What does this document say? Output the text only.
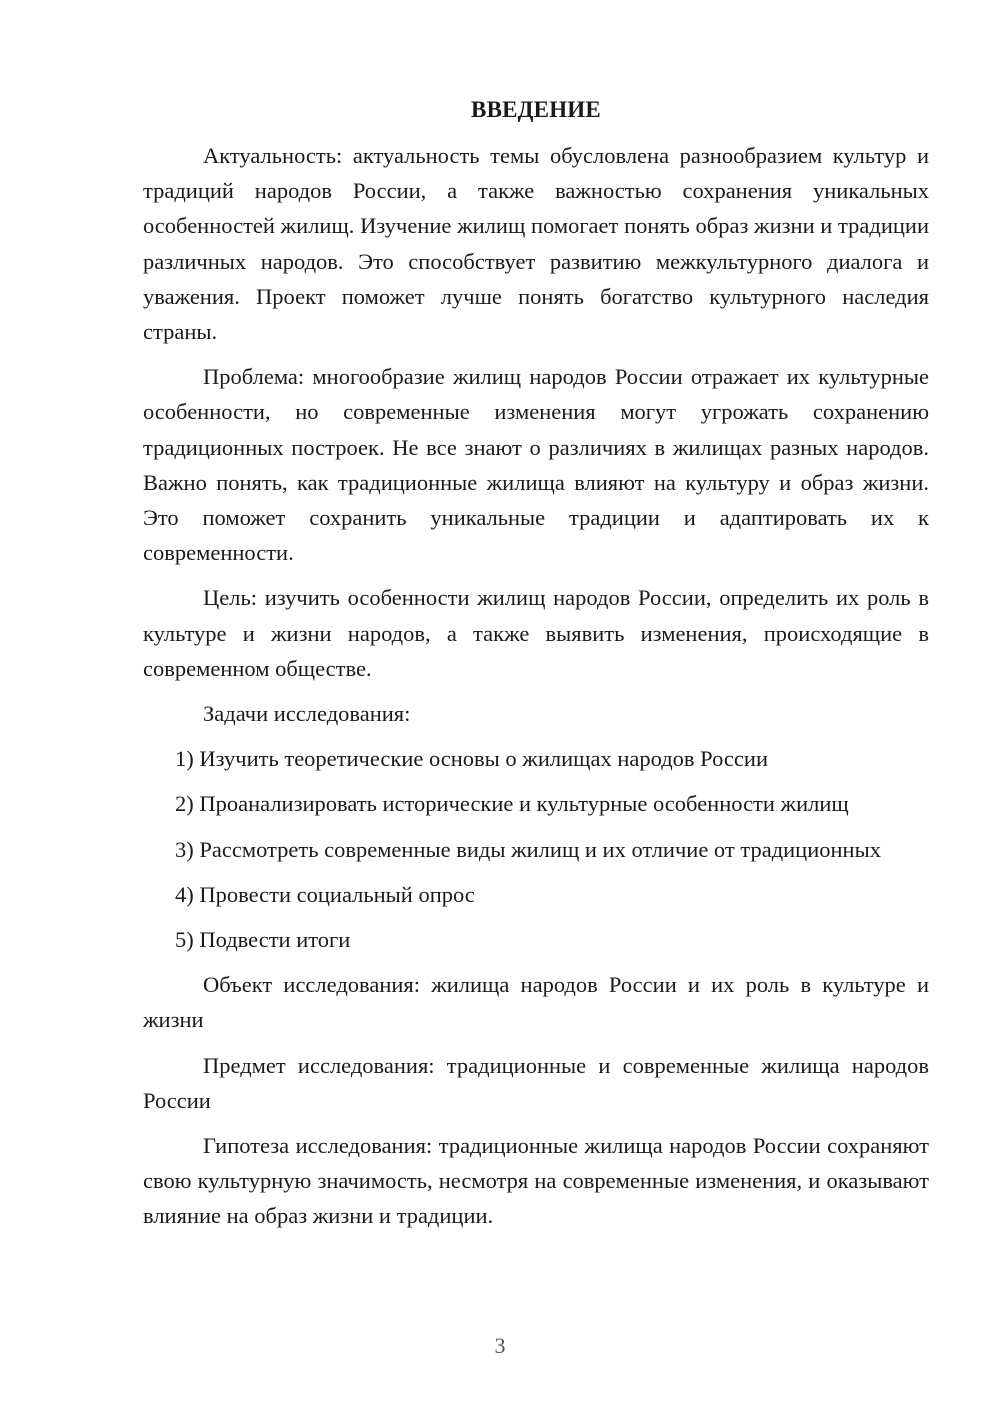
ВВЕДЕНИЕ

Актуальность: актуальность темы обусловлена разнообразием культур и традиций народов России, а также важностью сохранения уникальных особенностей жилищ. Изучение жилищ помогает понять образ жизни и традиции различных народов. Это способствует развитию межкультурного диалога и уважения. Проект поможет лучше понять богатство культурного наследия страны.

Проблема: многообразие жилищ народов России отражает их культурные особенности, но современные изменения могут угрожать сохранению традиционных построек. Не все знают о различиях в жилищах разных народов. Важно понять, как традиционные жилища влияют на культуру и образ жизни. Это поможет сохранить уникальные традиции и адаптировать их к современности.

Цель: изучить особенности жилищ народов России, определить их роль в культуре и жизни народов, а также выявить изменения, происходящие в современном обществе.

Задачи исследования:

1) Изучить теоретические основы о жилищах народов России

2) Проанализировать исторические и культурные особенности жилищ

3) Рассмотреть современные виды жилищ и их отличие от традиционных

4) Провести социальный опрос

5) Подвести итоги

Объект исследования: жилища народов России и их роль в культуре и жизни

Предмет исследования: традиционные и современные жилища народов России

Гипотеза исследования: традиционные жилища народов России сохраняют свою культурную значимость, несмотря на современные изменения, и оказывают влияние на образ жизни и традиции.

3
